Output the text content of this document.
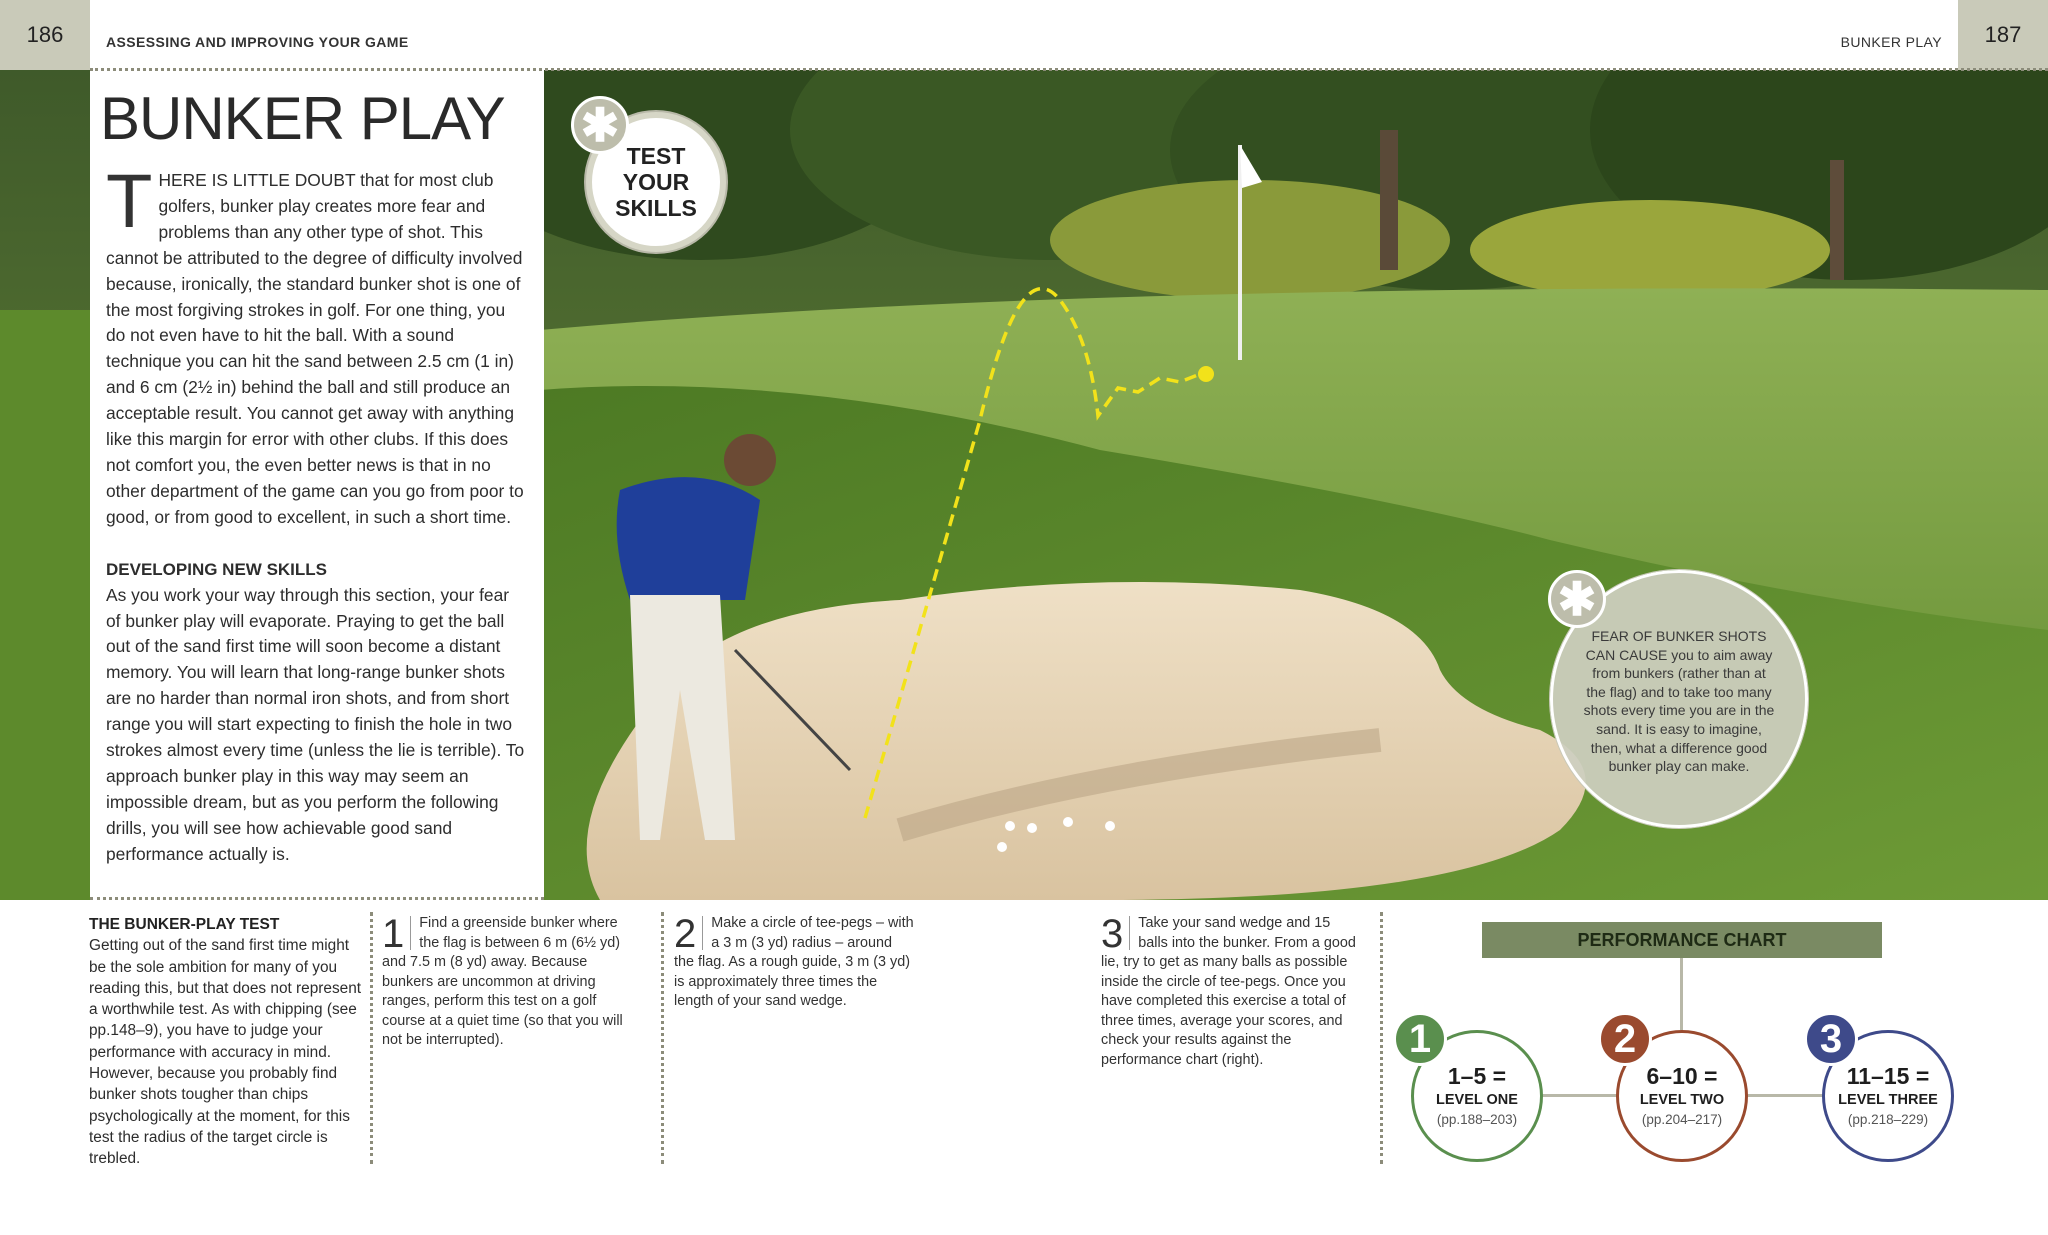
186	ASSESSING AND IMPROVING YOUR GAME	BUNKER PLAY	187
BUNKER PLAY

THERE IS LITTLE DOUBT that for most club golfers, bunker play creates more fear and problems than any other type of shot. This cannot be attributed to the degree of difficulty involved because, ironically, the standard bunker shot is one of the most forgiving strokes in golf. For one thing, you do not even have to hit the ball. With a sound technique you can hit the sand between 2.5 cm (1 in) and 6 cm (2½ in) behind the ball and still produce an acceptable result. You cannot get away with anything like this margin for error with other clubs. If this does not comfort you, the even better news is that in no other department of the game can you go from poor to good, or from good to excellent, in such a short time.

DEVELOPING NEW SKILLS

As you work your way through this section, your fear of bunker play will evaporate. Praying to get the ball out of the sand first time will soon become a distant memory. You will learn that long-range bunker shots are no harder than normal iron shots, and from short range you will start expecting to finish the hole in two strokes almost every time (unless the lie is terrible). To approach bunker play in this way may seem an impossible dream, but as you perform the following drills, you will see how achievable good sand performance actually is.

TEST
YOUR
SKILLS
✱
FEAR OF BUNKER SHOTS CAN CAUSE you to aim away from bunkers (rather than at the flag) and to take too many shots every time you are in the sand. It is easy to imagine, then, what a difference good bunker play can make.
✱
THE BUNKER-PLAY TEST

Getting out of the sand first time might be the sole ambition for many of you reading this, but that does not represent a worthwhile test. As with chipping (see pp.148–9), you have to judge your performance with accuracy in mind. However, because you probably find bunker shots tougher than chips psychologically at the moment, for this test the radius of the target circle is trebled.

1	Find a greenside bunker where the flag is between 6 m (6½ yd) and 7.5 m (8 yd) away. Because bunkers are uncommon at driving ranges, perform this test on a golf course at a quiet time (so that you will not be interrupted).
2	Make a circle of tee-pegs – with a 3 m (3 yd) radius – around the flag. As a rough guide, 3 m (3 yd) is approximately three times the length of your sand wedge.
3	Take your sand wedge and 15 balls into the bunker. From a good lie, try to get as many balls as possible inside the circle of tee-pegs. Once you have completed this exercise a total of three times, average your scores, and check your results against the performance chart (right).
PERFORMANCE CHART
1–5 =
LEVEL ONE
(pp.188–203)
1
6–10 =
LEVEL TWO
(pp.204–217)
2
11–15 =
LEVEL THREE
(pp.218–229)
3
